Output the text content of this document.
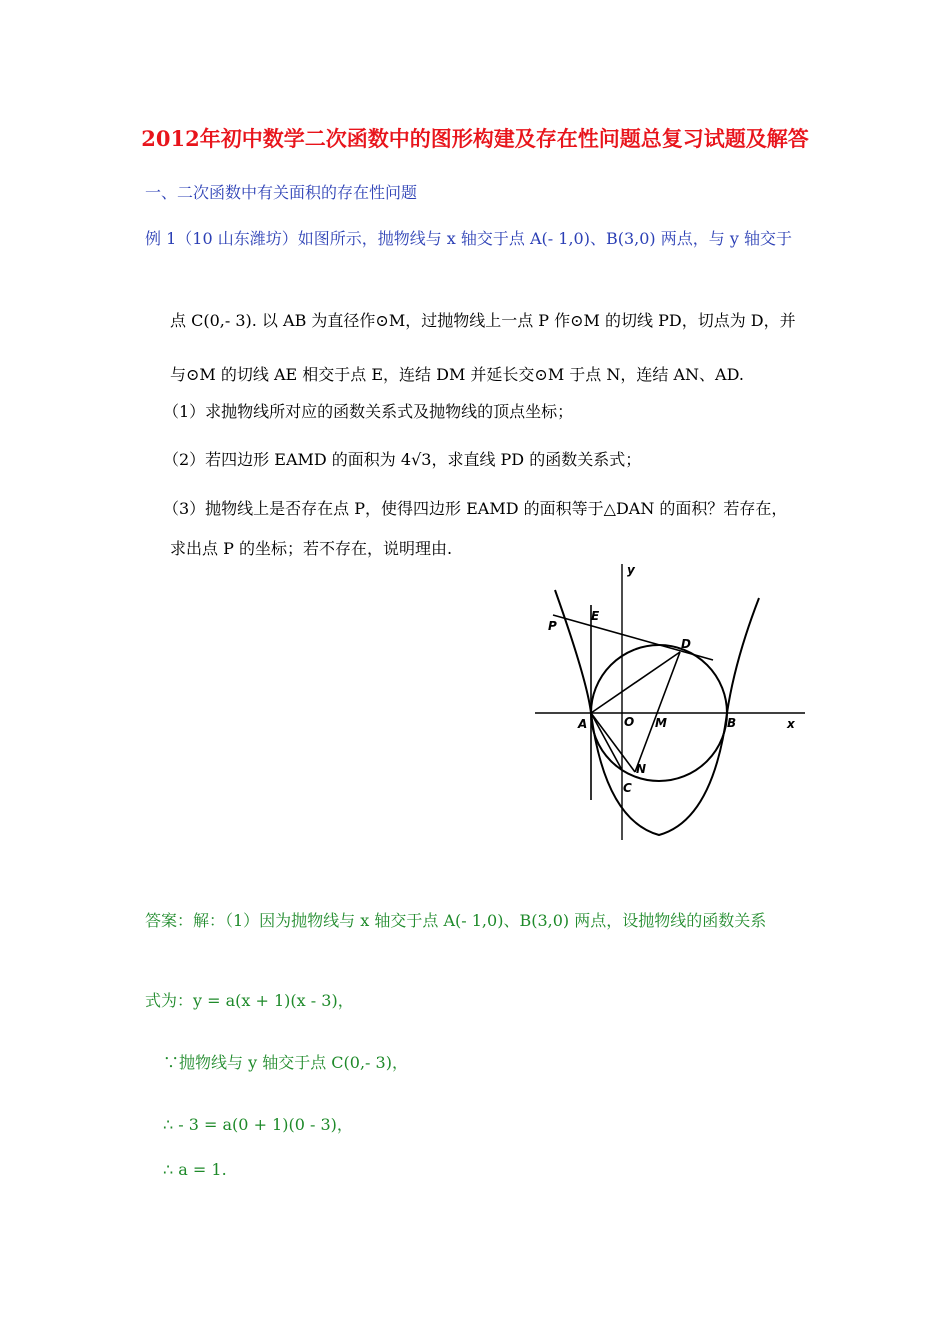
2012年初中数学二次函数中的图形构建及存在性问题总复习试题及解答
一、二次函数中有关面积的存在性问题
例 1（10 山东潍坊）如图所示，抛物线与 x 轴交于点 A(- 1,0)、B(3,0) 两点，与 y 轴交于
点 C(0,- 3). 以 AB 为直径作⊙M，过抛物线上一点 P 作⊙M 的切线 PD，切点为 D，并
与⊙M 的切线 AE 相交于点 E，连结 DM 并延长交⊙M 于点 N，连结 AN、AD.
（1）求抛物线所对应的函数关系式及抛物线的顶点坐标；
（2）若四边形 EAMD 的面积为 4√3，求直线 PD 的函数关系式；
（3）抛物线上是否存在点 P，使得四边形 EAMD 的面积等于△DAN 的面积？若存在，
求出点 P 的坐标；若不存在，说明理由.
y
x
E
P
D
A	O M	B
N
C
答案：解：（1）因为抛物线与 x 轴交于点 A(- 1,0)、B(3,0) 两点，设抛物线的函数关系
式为：y = a(x + 1)(x - 3)，
∵抛物线与 y 轴交于点 C(0,- 3)，
∴ - 3 = a(0 + 1)(0 - 3)，
∴ a = 1.
